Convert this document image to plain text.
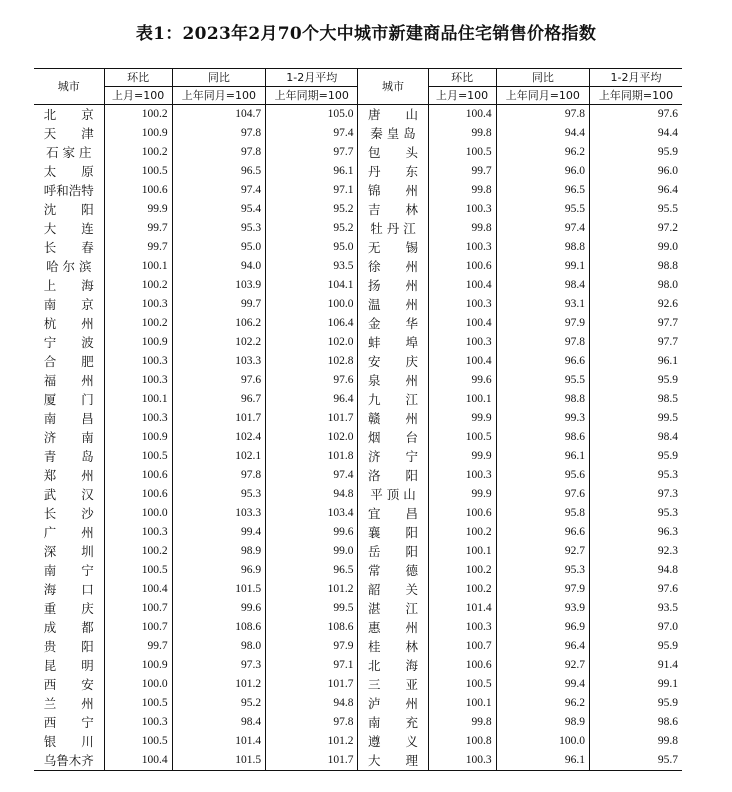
表1：2023年2月70个大中城市新建商品住宅销售价格指数
城市	环比	同比	1-2月平均	城市	环比	同比	1-2月平均
	上月=100	上年同月=100	上年同期=100		上月=100	上年同月=100	上年同期=100
北　　京	100.2	104.7	105.0	唐　　山	100.4	97.8	97.6
天　　津	100.9	97.8	97.4	秦 皇 岛	99.8	94.4	94.4
石 家 庄	100.2	97.8	97.7	包　　头	100.5	96.2	95.9
太　　原	100.5	96.5	96.1	丹　　东	99.7	96.0	96.0
呼和浩特	100.6	97.4	97.1	锦　　州	99.8	96.5	96.4
沈　　阳	99.9	95.4	95.2	吉　　林	100.3	95.5	95.5
大　　连	99.7	95.3	95.2	牡 丹 江	99.8	97.4	97.2
长　　春	99.7	95.0	95.0	无　　锡	100.3	98.8	99.0
哈 尔 滨	100.1	94.0	93.5	徐　　州	100.6	99.1	98.8
上　　海	100.2	103.9	104.1	扬　　州	100.4	98.4	98.0
南　　京	100.3	99.7	100.0	温　　州	100.3	93.1	92.6
杭　　州	100.2	106.2	106.4	金　　华	100.4	97.9	97.7
宁　　波	100.9	102.2	102.0	蚌　　埠	100.3	97.8	97.7
合　　肥	100.3	103.3	102.8	安　　庆	100.4	96.6	96.1
福　　州	100.3	97.6	97.6	泉　　州	99.6	95.5	95.9
厦　　门	100.1	96.7	96.4	九　　江	100.1	98.8	98.5
南　　昌	100.3	101.7	101.7	赣　　州	99.9	99.3	99.5
济　　南	100.9	102.4	102.0	烟　　台	100.5	98.6	98.4
青　　岛	100.5	102.1	101.8	济　　宁	99.9	96.1	95.9
郑　　州	100.6	97.8	97.4	洛　　阳	100.3	95.6	95.3
武　　汉	100.6	95.3	94.8	平 顶 山	99.9	97.6	97.3
长　　沙	100.0	103.3	103.4	宜　　昌	100.6	95.8	95.3
广　　州	100.3	99.4	99.6	襄　　阳	100.2	96.6	96.3
深　　圳	100.2	98.9	99.0	岳　　阳	100.1	92.7	92.3
南　　宁	100.5	96.9	96.5	常　　德	100.2	95.3	94.8
海　　口	100.4	101.5	101.2	韶　　关	100.2	97.9	97.6
重　　庆	100.7	99.6	99.5	湛　　江	101.4	93.9	93.5
成　　都	100.7	108.6	108.6	惠　　州	100.3	96.9	97.0
贵　　阳	99.7	98.0	97.9	桂　　林	100.7	96.4	95.9
昆　　明	100.9	97.3	97.1	北　　海	100.6	92.7	91.4
西　　安	100.0	101.2	101.7	三　　亚	100.5	99.4	99.1
兰　　州	100.5	95.2	94.8	泸　　州	100.1	96.2	95.9
西　　宁	100.3	98.4	97.8	南　　充	99.8	98.9	98.6
银　　川	100.5	101.4	101.2	遵　　义	100.8	100.0	99.8
乌鲁木齐	100.4	101.5	101.7	大　　理	100.3	96.1	95.7
